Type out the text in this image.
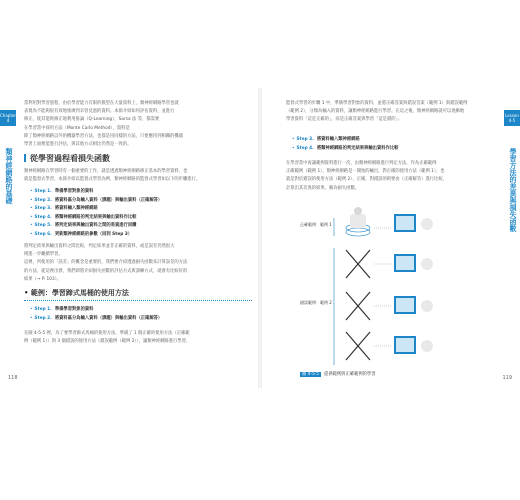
Chapter 4
類神經網路的基礎
當利用對學習過程，由於學習能力有限的模型在大量資料上，類神經網路學習也就
表現為不能夠很有效地推廣到未曾見過的資料。本節介紹如何評估資料，並進行
修正，使其能夠修正地利用推論（Q-Learning），Sarsa 法 等，都需要
在學習當中採用方法（Monte Carlo Method），資料是
除了類神經網路以外的機器學習方法，也都是用同樣的方法，只要應用到相關的機器
學習上面便能進行評估，與其他方式相比仍然是一致的。
從學習過程看損失函數
類神經網路在學習時有一個重要的工作，就是透過類神經網路修正基本的學習資料，也
就是監督式學習，本節介紹以監督式學習為例，類神經網路的監督式學習如以下的步驟進行。
• Step 1. 準備學習對象的資料
• Step 2. 將資料區分為輸入資料（課題）與輸出資料（正確解答）
• Step 3. 將資料輸入類神經網路
• Step 4. 將類神經網路的判定結果與輸出資料作比較
• Step 5. 將判定結果與輸出資料之間的差異進行回饋
• Step 6. 更新類神經網路的參數（回到 Step 3）
將判定結果與輸出資料之間比較，判定結果並非正確的資料，或是誤差仍然很大
則進一步繼續學習。
這裡，所使用的「誤差」的概念是重要的，我們要介紹透過損失函數來計算誤差的方法
的方法，從這裡出發，我們即將介紹損失函數的評估方式與訓練方式，就會有比較好的
結果（→ P. 103）。
• 範例：學習蹄式馬桶的使用方法
• Step 1. 準備學習對象的資料
• Step 2. 將資料區分為輸入資料（課題）與輸出資料（正確解答）
在圖 4-5-5 裡，為了要學習蹄式馬桶的使用方法，準備了 1 個正確的使用方法（正確範
例（範例 1））與 3 個錯誤的使用方法（錯誤範例（範例 2）），讓類神經網路進行學習。
118
Lesson 4-5
學習方法的差異與損失函數
監督式學習的步驟 1 中，準備學習對象的資料，並將正確答案與錯誤答案（範例 1）與錯誤範例
（範例 2），分類為輸入的資料，讓類神經網路進行學習。在這之後，類神經網路就可以逐漸地
學習資料「這是正確的」，而是正確答案與學習「這是錯的」。
• Step 3. 將資料輸入類神經網路
• Step 4. 將類神經網路的判定結果與輸出資料作比較
在學習當中再讓範例資料進行一次，由類神經網路進行判定方法，作為正確範例
正確範例（範例 1），類神經網路是一開始的輸出，對正確的使用方法（範例 1），也
就是對於錯誤的使用方法（範例 2），正確，對錯誤的則要由（正確解答）進行比較，
計算出其差異的結果，稱為損失函數。
正確範例：範例 1
錯誤範例：範例 2
圖 4-5-5 提供範例與正確範例的學習
119
